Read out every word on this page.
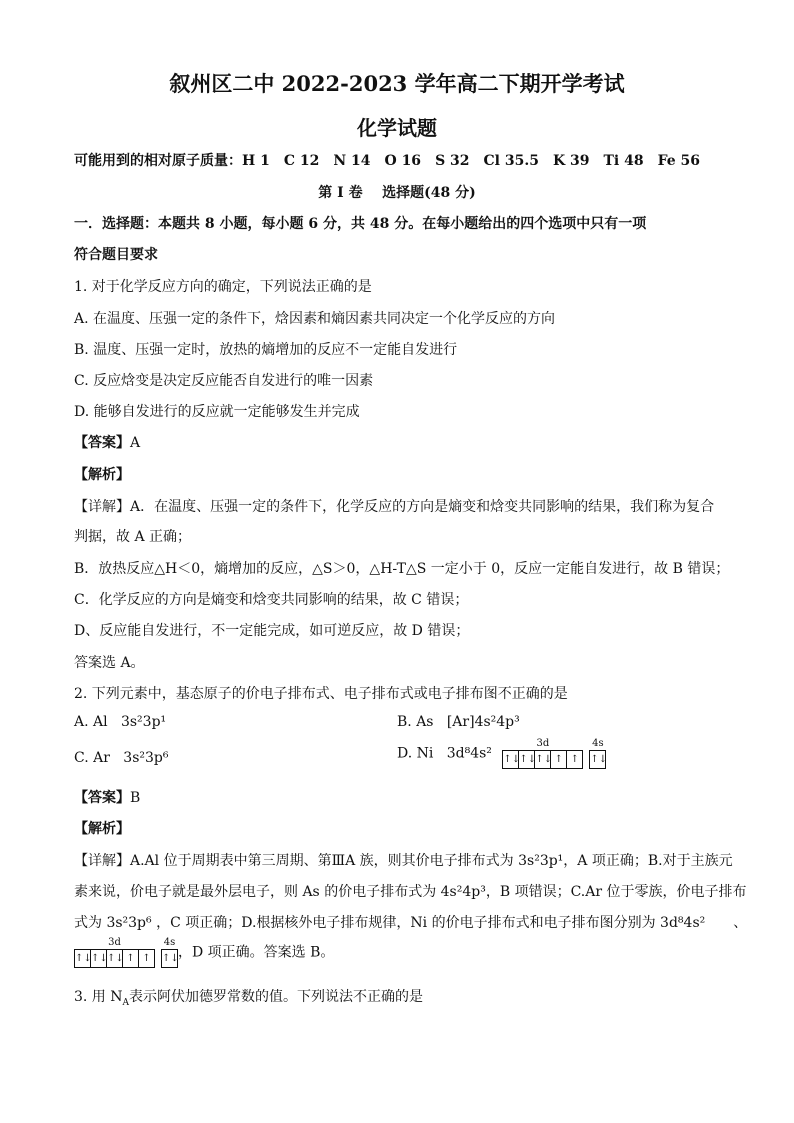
叙州区二中 2022-2023 学年高二下期开学考试
化学试题
可能用到的相对原子质量：H 1 C 12 N 14 O 16 S 32 Cl 35.5 K 39 Ti 48 Fe 56
第 I 卷 选择题(48 分)
一．选择题：本题共 8 小题，每小题 6 分，共 48 分。在每小题给出的四个选项中只有一项
符合题目要求
1. 对于化学反应方向的确定，下列说法正确的是
A. 在温度、压强一定的条件下，焓因素和熵因素共同决定一个化学反应的方向
B. 温度、压强一定时，放热的熵增加的反应不一定能自发进行
C. 反应焓变是决定反应能否自发进行的唯一因素
D. 能够自发进行的反应就一定能够发生并完成
【答案】A
【解析】
【详解】A．在温度、压强一定的条件下，化学反应的方向是熵变和焓变共同影响的结果，我们称为复合
判据，故 A 正确；
B．放热反应△H＜0，熵增加的反应，△S＞0，△H-T△S 一定小于 0，反应一定能自发进行，故 B 错误；
C．化学反应的方向是熵变和焓变共同影响的结果，故 C 错误；
D、反应能自发进行，不一定能完成，如可逆反应，故 D 错误；
答案选 A。
2. 下列元素中，基态原子的价电子排布式、电子排布式或电子排布图不正确的是
A. Al 3s²3p¹	B. As [Ar]4s²4p³
C. Ar 3s²3p⁶	D. Ni 3d⁸4s²
3d
↑↓ ↑↓ ↑↓ ↑ ↑
4s
↑↓
【答案】B
【解析】
【详解】A.Al 位于周期表中第三周期、第ⅢA 族，则其价电子排布式为 3s²3p¹，A 项正确；B.对于主族元
素来说，价电子就是最外层电子，则 As 的价电子排布式为 4s²4p³，B 项错误；C.Ar 位于零族，价电子排布
式为 3s²3p⁶ ，C 项正确；D.根据核外电子排布规律，Ni 的价电子排布式和电子排布图分别为 3d⁸4s²　　、
3d
↑↓ ↑↓ ↑↓ ↑ ↑
4s
↑↓ ，D 项正确。答案选 B。
3. 用 $N_A$表示阿伏加德罗常数的值。下列说法不正确的是
